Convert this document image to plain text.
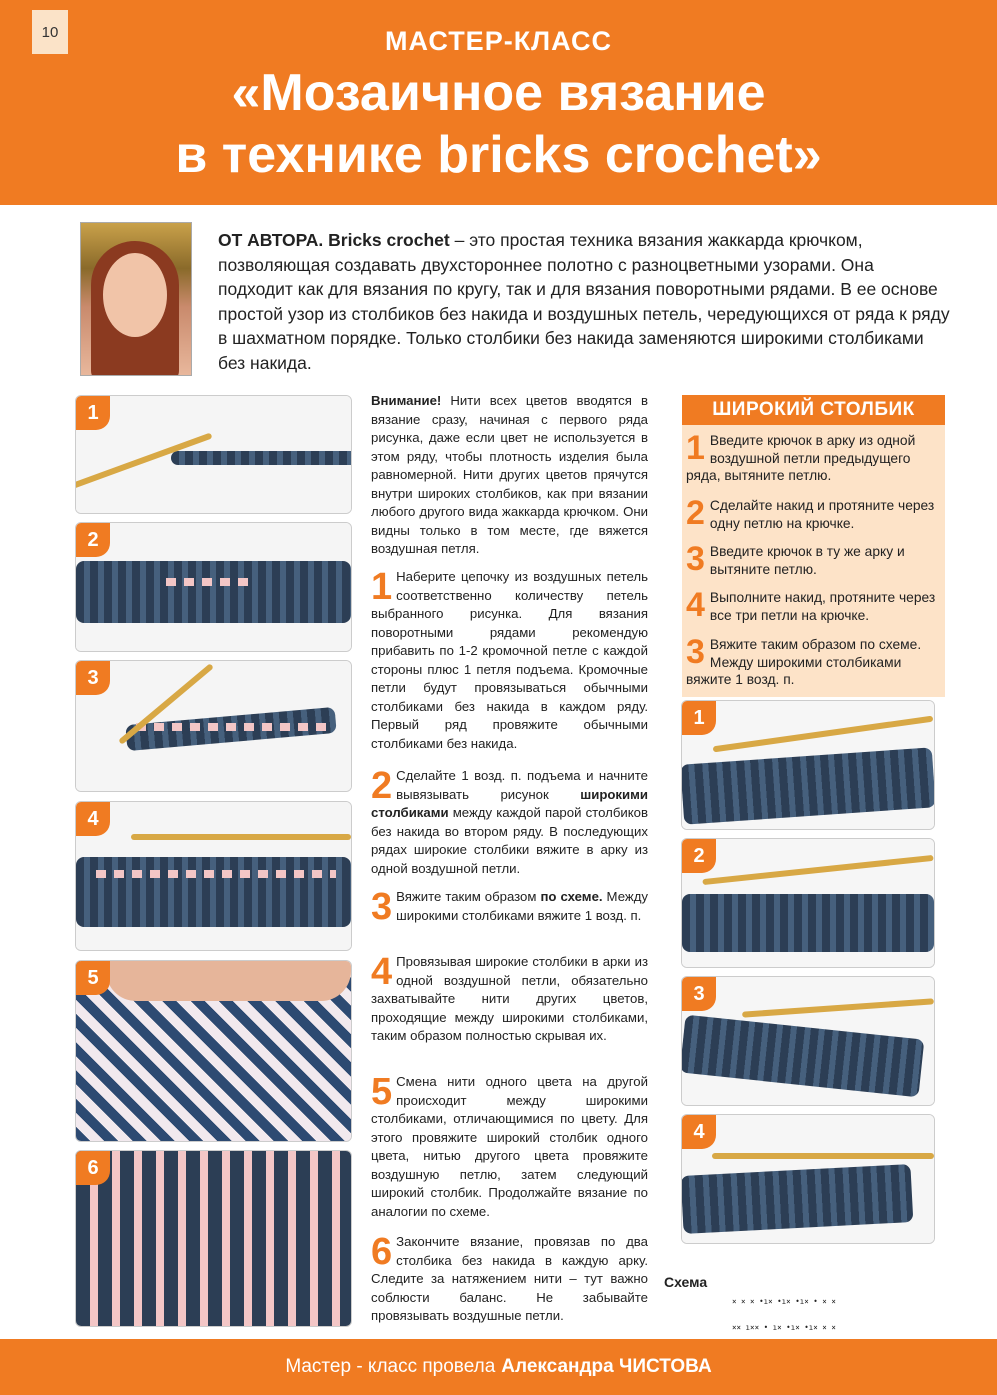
10	МАСТЕР-КЛАСС
«Мозаичное вязание
в технике bricks crochet»
ОТ АВТОРА. Bricks crochet – это простая техника вязания жаккарда крючком, позволяющая создавать двухстороннее полотно с разноцветными узорами. Она подходит как для вязания по кругу, так и для вязания поворотными рядами. В ее основе простой узор из столбиков без накида и воздушных петель, чередующихся от ряда к ряду в шахматном порядке. Только столбики без накида заменяются широкими столбиками без накида.
1
2
3
4
5
6
Внимание! Нити всех цветов вводятся в вязание сразу, начиная с первого ряда рисунка, даже если цвет не используется в этом ряду, чтобы плотность изделия была равномерной. Нити других цветов прячутся внутри широких столбиков, как при вязании любого другого вида жаккарда крючком. Они видны только в том месте, где вяжется воздушная петля.
1 Наберите цепочку из воздушных петель соответственно количеству петель выбранного рисунка. Для вязания поворотными рядами рекомендую прибавить по 1-2 кромочной петле с каждой стороны плюс 1 петля подъема. Кромочные петли будут провязываться обычными столбиками без накида в каждом ряду. Первый ряд провяжите обычными столбиками без накида.
2 Сделайте 1 возд. п. подъема и начните вывязывать рисунок широкими столбиками между каждой парой столбиков без накида во втором ряду. В последующих рядах широкие столбики вяжите в арку из одной воздушной петли.
3 Вяжите таким образом по схеме. Между широкими столбиками вяжите 1 возд. п.
4 Провязывая широкие столбики в арки из одной воздушной петли, обязательно захватывайте нити других цветов, проходящие между широкими столбиками, таким образом полностью скрывая их.
5 Смена нити одного цвета на другой происходит между широкими столбиками, отличающимися по цвету. Для этого провяжите широкий столбик одного цвета, нитью другого цвета провяжите воздушную петлю, затем следующий широкий столбик. Продолжайте вязание по аналогии по схеме.
6 Закончите вязание, провязав по два столбика без накида в каждую арку. Следите за натяжением нити – тут важно соблюсти баланс. Не забывайте провязывать воздушные петли.
ШИРОКИЙ СТОЛБИК
1 Введите крючок в арку из одной воздушной петли предыдущего ряда, вытяните петлю.
2 Сделайте накид и протяните через одну петлю на крючке.
3 Введите крючок в ту же арку и вытяните петлю.
4 Выполните накид, протяните через все три петли на крючке.
3 Вяжите таким образом по схеме. Между широкими столбиками вяжите 1 возд. п.
1
2
3
4
Схема

× × × •ı× •ı× •ı× • × ×

×× ı×× • ı× •ı× •ı× × ×

Мастер - класс провела Александра ЧИСТОВА
